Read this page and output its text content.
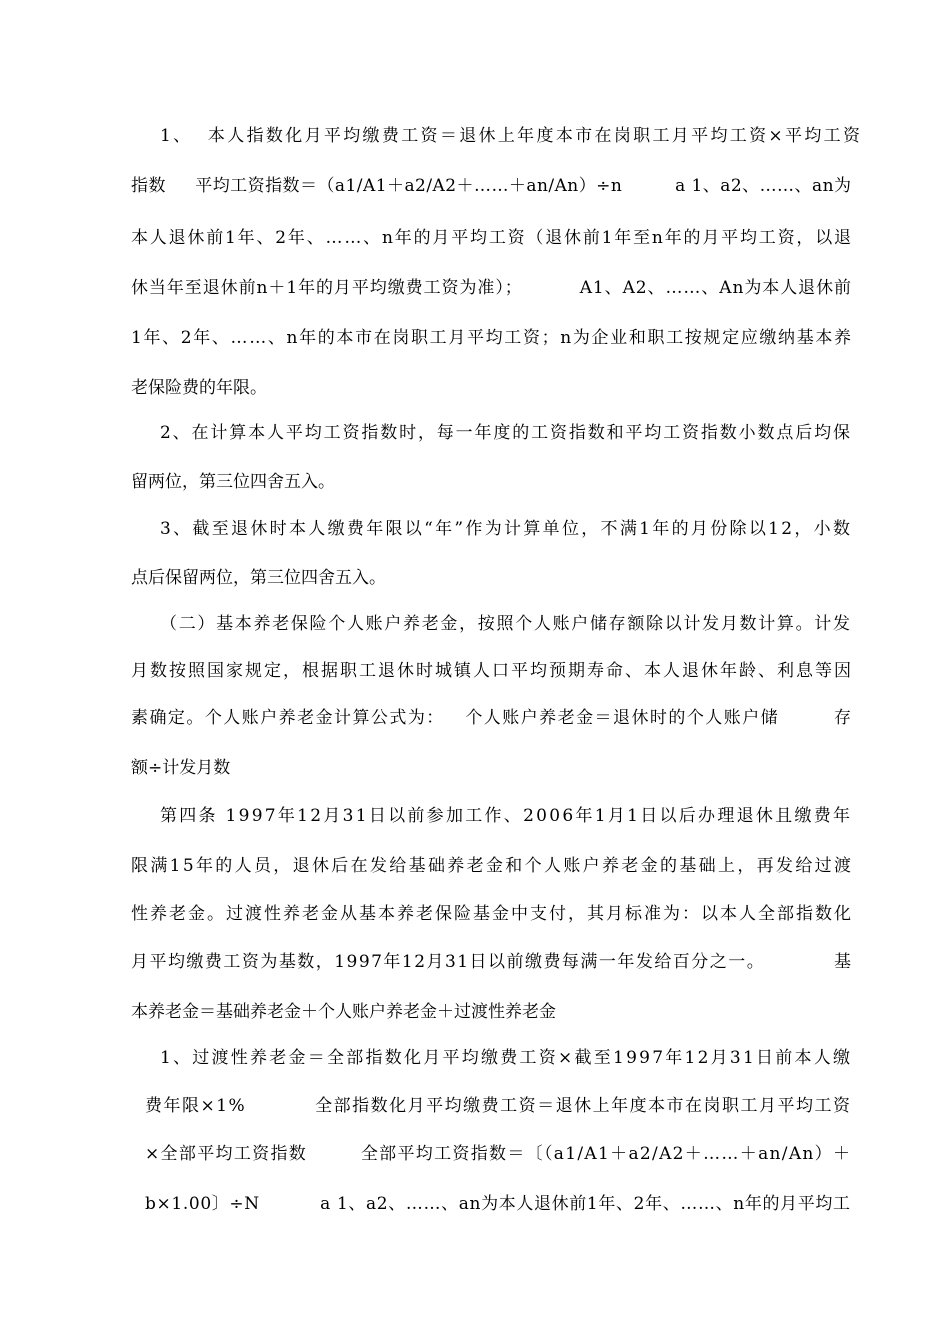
1、  本人指数化月平均缴费工资＝退休上年度本市在岗职工月平均工资×平均工资
指数     平均工资指数＝（a1/A1＋a2/A2＋……＋an/An）÷n         a 1、a2、……、an为
本人退休前1年、2年、……、n年的月平均工资（退休前1年至n年的月平均工资，以退
休当年至退休前n＋1年的月平均缴费工资为准）；         A1、A2、……、An为本人退休前
1年、2年、……、n年的本市在岗职工月平均工资；n为企业和职工按规定应缴纳基本养
老保险费的年限。
2、在计算本人平均工资指数时，每一年度的工资指数和平均工资指数小数点后均保
留两位，第三位四舍五入。
3、截至退休时本人缴费年限以“年”作为计算单位，不满1年的月份除以12，小数
点后保留两位，第三位四舍五入。
（二）基本养老保险个人账户养老金，按照个人账户储存额除以计发月数计算。计发
月数按照国家规定，根据职工退休时城镇人口平均预期寿命、本人退休年龄、利息等因
素确定。个人账户养老金计算公式为：   个人账户养老金＝退休时的个人账户储        存
额÷计发月数
第四条 1997年12月31日以前参加工作、2006年1月1日以后办理退休且缴费年
限满15年的人员，退休后在发给基础养老金和个人账户养老金的基础上，再发给过渡
性养老金。过渡性养老金从基本养老保险基金中支付，其月标准为：以本人全部指数化
月平均缴费工资为基数，1997年12月31日以前缴费每满一年发给百分之一。          基
本养老金＝基础养老金＋个人账户养老金＋过渡性养老金
1、过渡性养老金＝全部指数化月平均缴费工资×截至1997年12月31日前本人缴
费年限×1%          全部指数化月平均缴费工资＝退休上年度本市在岗职工月平均工资
×全部平均工资指数        全部平均工资指数＝〔（a1/A1＋a2/A2＋……＋an/An）＋
b×1.00〕÷N          a 1、a2、……、an为本人退休前1年、2年、……、n年的月平均工
